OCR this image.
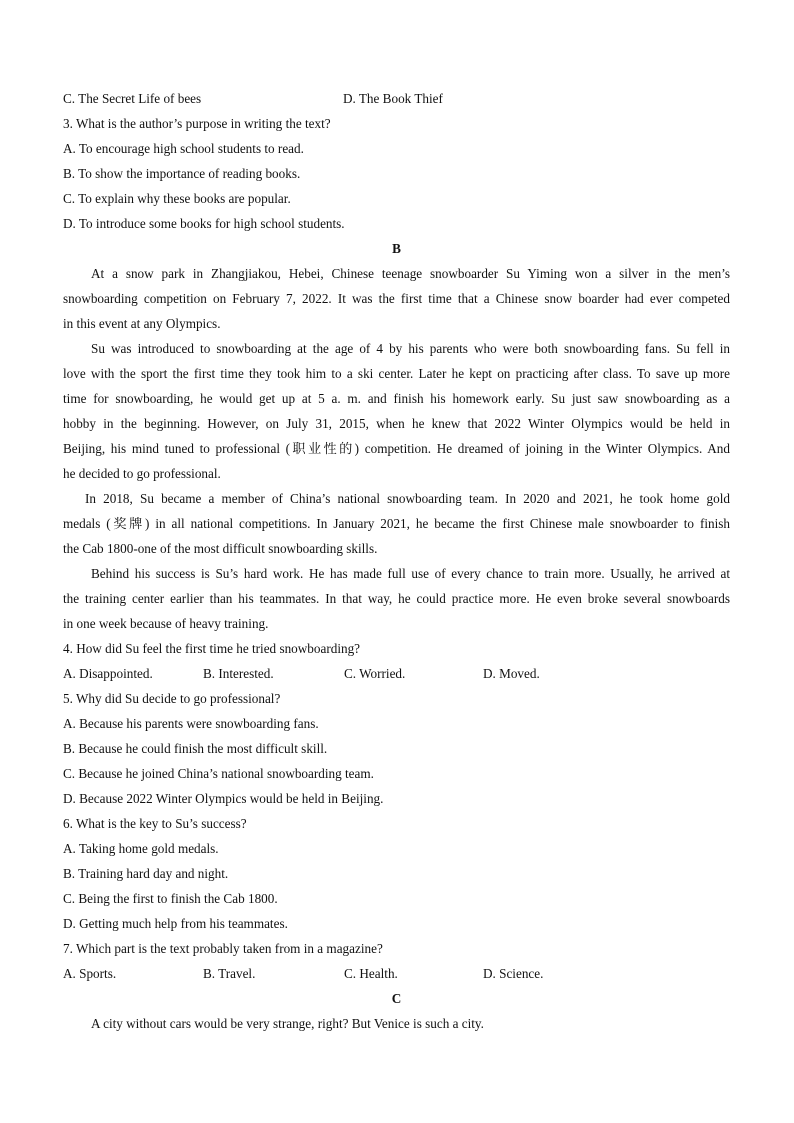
C. The Secret Life of bees	D. The Book Thief
3. What is the author’s purpose in writing the text?
A. To encourage high school students to read.
B. To show the importance of reading books.
C. To explain why these books are popular.
D. To introduce some books for high school students.
B
At a snow park in Zhangjiakou, Hebei, Chinese teenage snowboarder Su Yiming won a silver in the men’s
snowboarding competition on February 7, 2022. It was the first time that a Chinese snow boarder had ever competed
in this event at any Olympics.
Su was introduced to snowboarding at the age of 4 by his parents who were both snowboarding fans. Su fell in
love with the sport the first time they took him to a ski center. Later he kept on practicing after class. To save up more
time for snowboarding, he would get up at 5 a. m. and finish his homework early. Su just saw snowboarding as a
hobby in the beginning. However, on July 31, 2015, when he knew that 2022 Winter Olympics would be held in
Beijing, his mind tuned to professional (职业性的) competition. He dreamed of joining in the Winter Olympics. And
he decided to go professional.
In 2018, Su became a member of China’s national snowboarding team. In 2020 and 2021, he took home gold
medals (奖牌) in all national competitions. In January 2021, he became the first Chinese male snowboarder to finish
the Cab 1800-one of the most difficult snowboarding skills.
Behind his success is Su’s hard work. He has made full use of every chance to train more. Usually, he arrived at
the training center earlier than his teammates. In that way, he could practice more. He even broke several snowboards
in one week because of heavy training.
4. How did Su feel the first time he tried snowboarding?
A. Disappointed.	B. Interested.	C. Worried.	D. Moved.
5. Why did Su decide to go professional?
A. Because his parents were snowboarding fans.
B. Because he could finish the most difficult skill.
C. Because he joined China’s national snowboarding team.
D. Because 2022 Winter Olympics would be held in Beijing.
6. What is the key to Su’s success?
A. Taking home gold medals.
B. Training hard day and night.
C. Being the first to finish the Cab 1800.
D. Getting much help from his teammates.
7. Which part is the text probably taken from in a magazine?
A. Sports.	B. Travel.	C. Health.	D. Science.
C
A city without cars would be very strange, right? But Venice is such a city.
